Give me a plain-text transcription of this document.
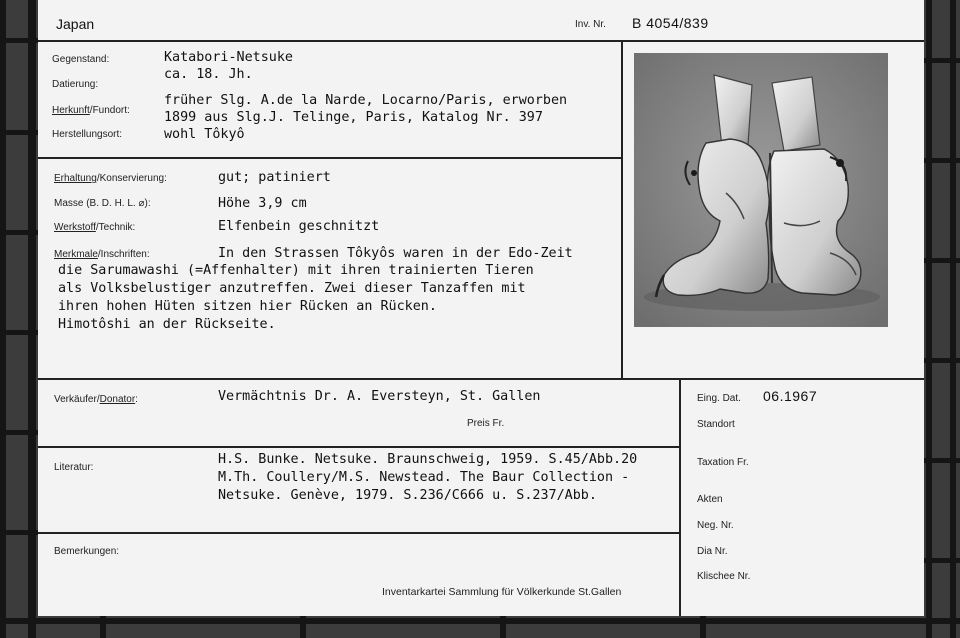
Japan	Inv. Nr. B 4054/839
Gegenstand:	Katabori-Netsuke
Datierung:
ca. 18. Jh.
Herkunft/Fundort:
früher Slg. A.de la Narde, Locarno/Paris, erworben
1899 aus Slg.J. Telinge, Paris, Katalog Nr. 397
Herstellungsort:	wohl Tôkyô
Erhaltung/Konservierung:	gut; patiniert
Masse (B. D. H. L. ⌀):	Höhe 3,9 cm
Werkstoff/Technik:	Elfenbein geschnitzt
Merkmale/Inschriften:	In den Strassen Tôkyôs waren in der Edo-Zeit
die Sarumawashi (=Affenhalter) mit ihren trainierten Tieren
als Volksbelustiger anzutreffen. Zwei dieser Tanzaffen mit
ihren hohen Hüten sitzen hier Rücken an Rücken.
Himotôshi an der Rückseite.
Verkäufer/Donator:	Vermächtnis Dr. A. Eversteyn, St. Gallen
Preis Fr.
Literatur:
H.S. Bunke. Netsuke. Braunschweig, 1959. S.45/Abb.20
M.Th. Coullery/M.S. Newstead. The Baur Collection -
Netsuke. Genève, 1979. S.236/C666 u. S.237/Abb.
Bemerkungen:
Inventarkartei Sammlung für Völkerkunde St.Gallen
Eing. Dat. 06.1967
Standort
Taxation Fr.
Akten
Neg. Nr.
Dia Nr.
Klischee Nr.
